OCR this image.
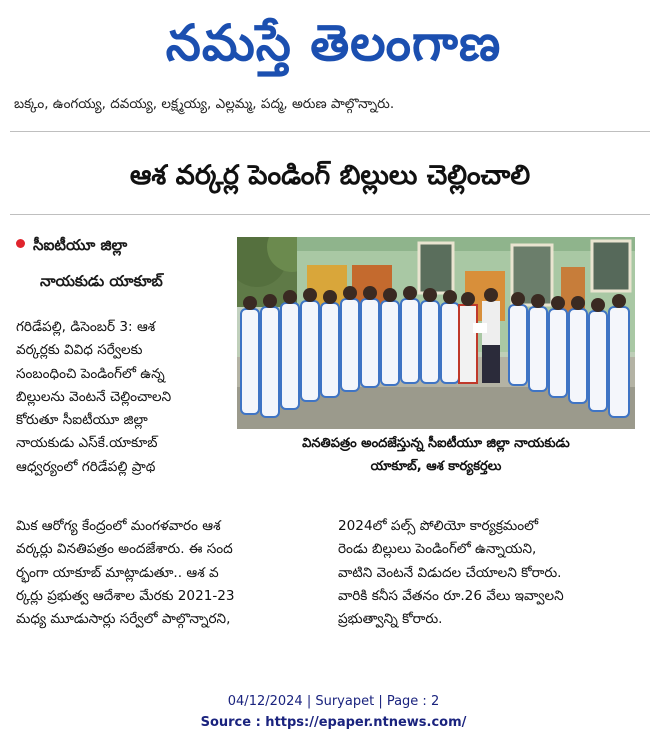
నమస్తే తెలంగాణ
బక్కం, ఉంగయ్య, దవయ్య, లక్ష్మయ్య, ఎల్లమ్మ, పద్మ, అరుణ పాల్గొన్నారు.
ఆశ వర్కర్ల పెండింగ్ బిల్లులు చెల్లించాలి
సీఐటీయూ జిల్లా
నాయకుడు యాకూబ్
గరిడేపల్లి, డిసెంబర్ 3: ఆశ
వర్కర్లకు వివిధ సర్వేలకు
సంబంధించి పెండింగ్‌లో ఉన్న
బిల్లులను వెంటనే చెల్లించాలని
కోరుతూ సీఐటీయూ జిల్లా
నాయకుడు ఎస్‌కే.యాకూబ్
ఆధ్వర్యంలో గరిడేపల్లి ప్రాథ
వినతిపత్రం అందజేస్తున్న సీఐటీయూ జిల్లా నాయకుడు
యాకూబ్, ఆశ కార్యకర్తలు
మిక ఆరోగ్య కేంద్రంలో మంగళవారం ఆశ
వర్కర్లు వినతిపత్రం అందజేశారు. ఈ సంద
ర్భంగా యాకూబ్ మాట్లాడుతూ.. ఆశ వ
ర్కర్లు ప్రభుత్వ ఆదేశాల మేరకు 2021-23
మధ్య మూడుసార్లు సర్వేలో పాల్గొన్నారని,
2024లో పల్స్ పోలియో కార్యక్రమంలో
రెండు బిల్లులు పెండింగ్‌లో ఉన్నాయని,
వాటిని వెంటనే విడుదల చేయాలని కోరారు.
వారికి కనీస వేతనం రూ.26 వేలు ఇవ్వాలని
ప్రభుత్వాన్ని కోరారు.
04/12/2024 | Suryapet | Page : 2
Source : https://epaper.ntnews.com/
